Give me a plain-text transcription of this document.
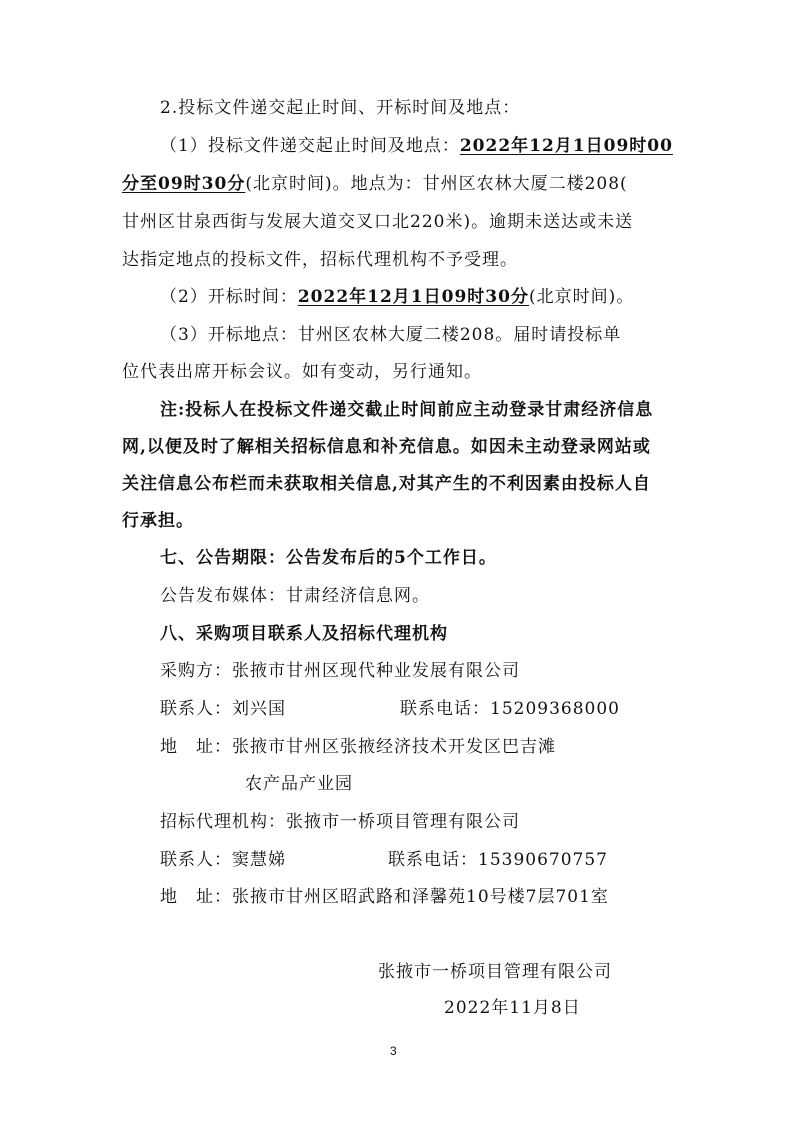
2.投标文件递交起止时间、开标时间及地点：
（1）投标文件递交起止时间及地点：2022年12月1日09时00
分至09时30分(北京时间)。地点为：甘州区农林大厦二楼208(
甘州区甘泉西街与发展大道交叉口北220米)。逾期未送达或未送
达指定地点的投标文件，招标代理机构不予受理。
（2）开标时间：2022年12月1日09时30分(北京时间)。
（3）开标地点：甘州区农林大厦二楼208。届时请投标单
位代表出席开标会议。如有变动，另行通知。
注:投标人在投标文件递交截止时间前应主动登录甘肃经济信息
网,以便及时了解相关招标信息和补充信息。如因未主动登录网站或
关注信息公布栏而未获取相关信息,对其产生的不利因素由投标人自
行承担。
七、公告期限：公告发布后的5个工作日。
公告发布媒体：甘肃经济信息网。
八、采购项目联系人及招标代理机构
采购方：张掖市甘州区现代种业发展有限公司
联系人：刘兴国	联系电话：15209368000
地　址：张掖市甘州区张掖经济技术开发区巴吉滩
农产品产业园
招标代理机构：张掖市一桥项目管理有限公司
联系人：窦慧娣	联系电话：15390670757
地　址：张掖市甘州区昭武路和泽馨苑10号楼7层701室
张掖市一桥项目管理有限公司
2022年11月8日
3
